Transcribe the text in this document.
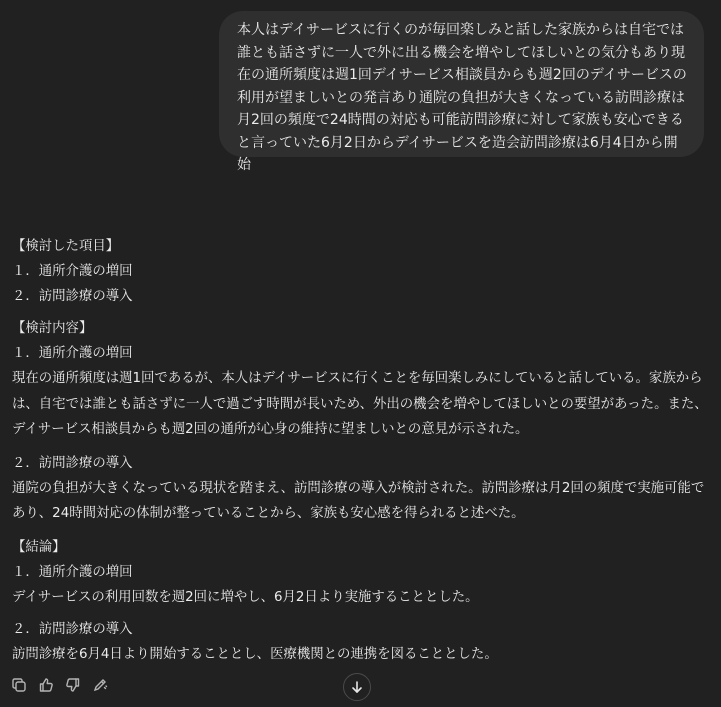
本人はデイサービスに行くのが毎回楽しみと話した家族からは自宅では誰とも話さずに一人で外に出る機会を増やしてほしいとの気分もあり現在の通所頻度は週1回デイサービス相談員からも週2回のデイサービスの利用が望ましいとの発言あり通院の負担が大きくなっている訪問診療は月2回の頻度で24時間の対応も可能訪問診療に対して家族も安心できると言っていた6月2日からデイサービスを造会訪問診療は6月4日から開始
【検討した項目】
１．通所介護の増回
２．訪問診療の導入
【検討内容】
１．通所介護の増回
現在の通所頻度は週1回であるが、本人はデイサービスに行くことを毎回楽しみにしていると話している。家族からは、自宅では誰とも話さずに一人で過ごす時間が長いため、外出の機会を増やしてほしいとの要望があった。また、デイサービス相談員からも週2回の通所が心身の維持に望ましいとの意見が示された。
２．訪問診療の導入
通院の負担が大きくなっている現状を踏まえ、訪問診療の導入が検討された。訪問診療は月2回の頻度で実施可能であり、24時間対応の体制が整っていることから、家族も安心感を得られると述べた。
【結論】
１．通所介護の増回
デイサービスの利用回数を週2回に増やし、6月2日より実施することとした。
２．訪問診療の導入
訪問診療を6月4日より開始することとし、医療機関との連携を図ることとした。
